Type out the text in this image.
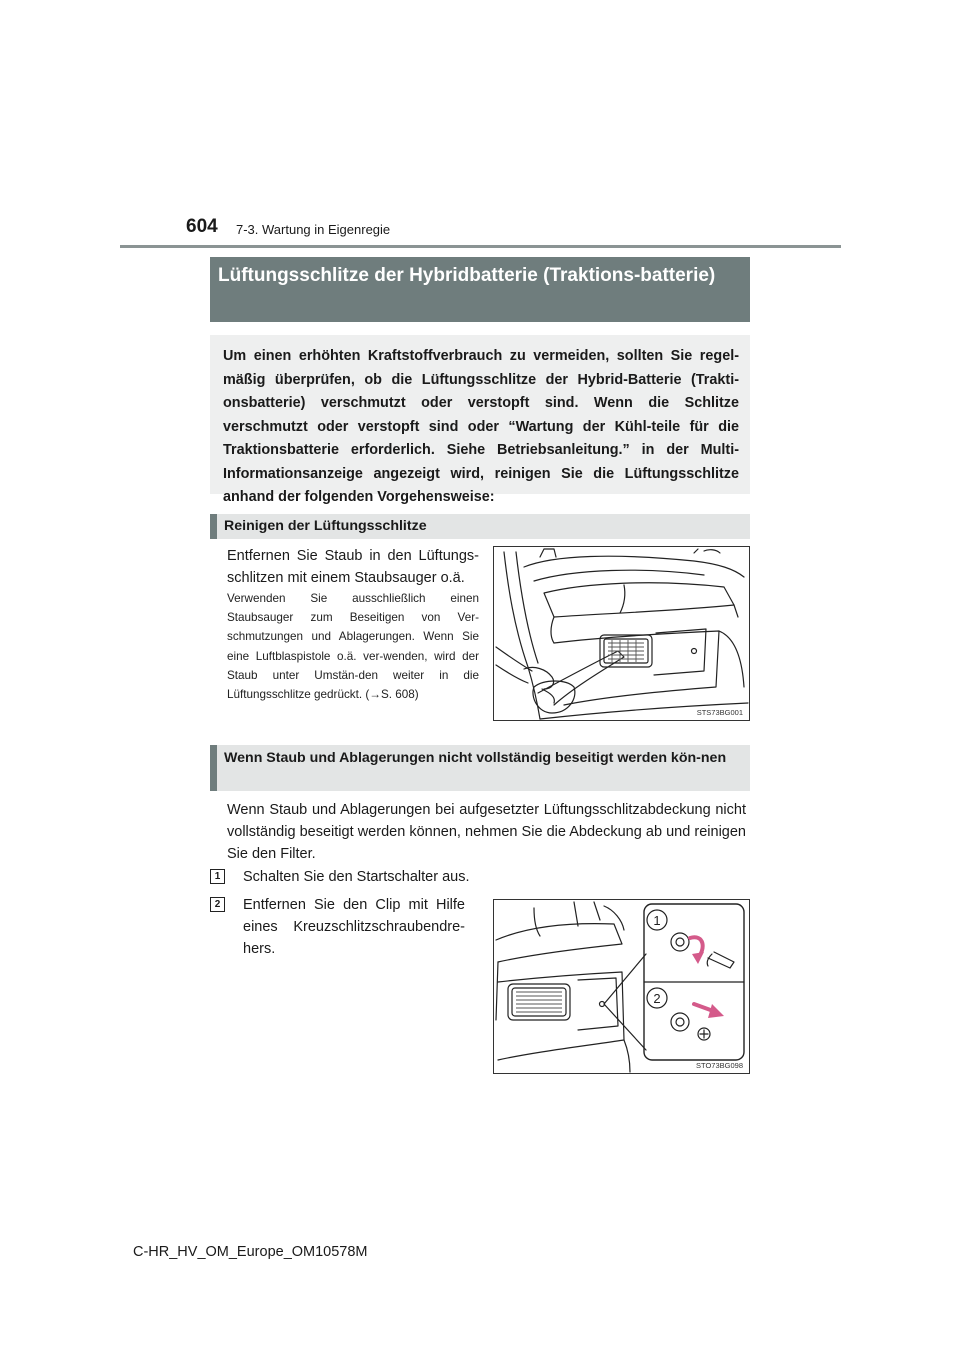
604 7-3. Wartung in Eigenregie
Lüftungsschlitze der Hybridbatterie (Traktions-batterie)
Um einen erhöhten Kraftstoffverbrauch zu vermeiden, sollten Sie regel-mäßig überprüfen, ob die Lüftungsschlitze der Hybrid-Batterie (Trakti-onsbatterie) verschmutzt oder verstopft sind. Wenn die Schlitze verschmutzt oder verstopft sind oder “Wartung der Kühl-teile für die Traktionsbatterie erforderlich. Siehe Betriebsanleitung.” in der Multi-Informationsanzeige angezeigt wird, reinigen Sie die Lüftungsschlitze anhand der folgenden Vorgehensweise:
Reinigen der Lüftungsschlitze
Entfernen Sie Staub in den Lüftungs-schlitzen mit einem Staubsauger o.ä.
Verwenden Sie ausschließlich einen Staubsauger zum Beseitigen von Ver-schmutzungen und Ablagerungen. Wenn Sie eine Luftblaspistole o.ä. ver-wenden, wird der Staub unter Umstän-den weiter in die Lüftungsschlitze gedrückt. (→S. 608)
STS73BG001
Wenn Staub und Ablagerungen nicht vollständig beseitigt werden kön-nen
Wenn Staub und Ablagerungen bei aufgesetzter Lüftungsschlitzabdeckung nicht vollständig beseitigt werden können, nehmen Sie die Abdeckung ab und reinigen Sie den Filter.
1	Schalten Sie den Startschalter aus.
2	Entfernen Sie den Clip mit Hilfe eines Kreuzschlitzschraubendre-hers.
1
2
STO73BG098
C-HR_HV_OM_Europe_OM10578M
